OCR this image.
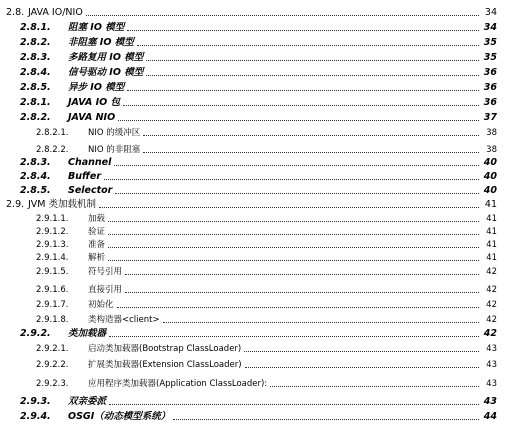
2.8. JAVA IO/NIO	34
2.8.1. 阻塞 IO 模型	34
2.8.2. 非阻塞 IO 模型	35
2.8.3. 多路复用 IO 模型	35
2.8.4. 信号驱动 IO 模型	36
2.8.5. 异步 IO 模型	36
2.8.1. JAVA IO 包	36
2.8.2. JAVA NIO	37
2.8.2.1. NIO 的缓冲区	38
2.8.2.2. NIO 的非阻塞	38
2.8.3. Channel	40
2.8.4. Buffer	40
2.8.5. Selector	40
2.9. JVM 类加载机制	41
2.9.1.1. 加载	41
2.9.1.2. 验证	41
2.9.1.3. 准备	41
2.9.1.4. 解析	41
2.9.1.5. 符号引用	42
2.9.1.6. 直接引用	42
2.9.1.7. 初始化	42
2.9.1.8. 类构造器<client>	42
2.9.2. 类加载器	42
2.9.2.1. 启动类加载器(Bootstrap ClassLoader)	43
2.9.2.2. 扩展类加载器(Extension ClassLoader)	43
2.9.2.3. 应用程序类加载器(Application ClassLoader):	43
2.9.3. 双亲委派	43
2.9.4. OSGI（动态模型系统）	44
